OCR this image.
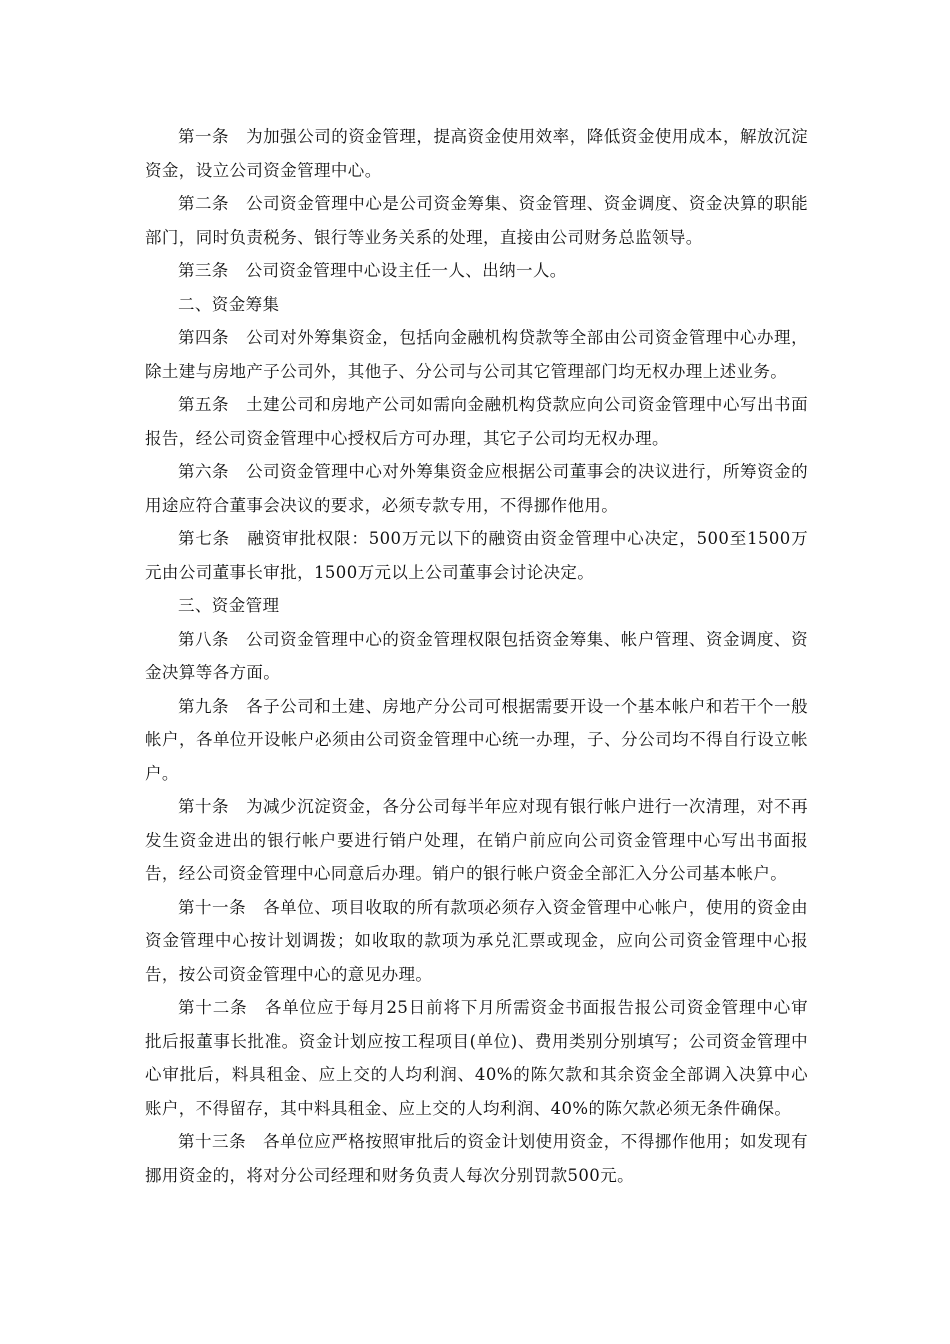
第一条　为加强公司的资金管理，提高资金使用效率，降低资金使用成本，解放沉淀资金，设立公司资金管理中心。

第二条　公司资金管理中心是公司资金筹集、资金管理、资金调度、资金决算的职能部门，同时负责税务、银行等业务关系的处理，直接由公司财务总监领导。

第三条　公司资金管理中心设主任一人、出纳一人。

二、资金筹集

第四条　公司对外筹集资金，包括向金融机构贷款等全部由公司资金管理中心办理，除土建与房地产子公司外，其他子、分公司与公司其它管理部门均无权办理上述业务。

第五条　土建公司和房地产公司如需向金融机构贷款应向公司资金管理中心写出书面报告，经公司资金管理中心授权后方可办理，其它子公司均无权办理。

第六条　公司资金管理中心对外筹集资金应根据公司董事会的决议进行，所筹资金的用途应符合董事会决议的要求，必须专款专用，不得挪作他用。

第七条　融资审批权限：500万元以下的融资由资金管理中心决定，500至1500万元由公司董事长审批，1500万元以上公司董事会讨论决定。

三、资金管理

第八条　公司资金管理中心的资金管理权限包括资金筹集、帐户管理、资金调度、资金决算等各方面。

第九条　各子公司和土建、房地产分公司可根据需要开设一个基本帐户和若干个一般帐户，各单位开设帐户必须由公司资金管理中心统一办理，子、分公司均不得自行设立帐户。

第十条　为减少沉淀资金，各分公司每半年应对现有银行帐户进行一次清理，对不再发生资金进出的银行帐户要进行销户处理，在销户前应向公司资金管理中心写出书面报告，经公司资金管理中心同意后办理。销户的银行帐户资金全部汇入分公司基本帐户。

第十一条　各单位、项目收取的所有款项必须存入资金管理中心帐户，使用的资金由资金管理中心按计划调拨；如收取的款项为承兑汇票或现金，应向公司资金管理中心报告，按公司资金管理中心的意见办理。

第十二条　各单位应于每月25日前将下月所需资金书面报告报公司资金管理中心审批后报董事长批准。资金计划应按工程项目(单位)、费用类别分别填写；公司资金管理中心审批后，料具租金、应上交的人均利润、40%的陈欠款和其余资金全部调入决算中心账户，不得留存，其中料具租金、应上交的人均利润、40%的陈欠款必须无条件确保。

第十三条　各单位应严格按照审批后的资金计划使用资金，不得挪作他用；如发现有挪用资金的，将对分公司经理和财务负责人每次分别罚款500元。
